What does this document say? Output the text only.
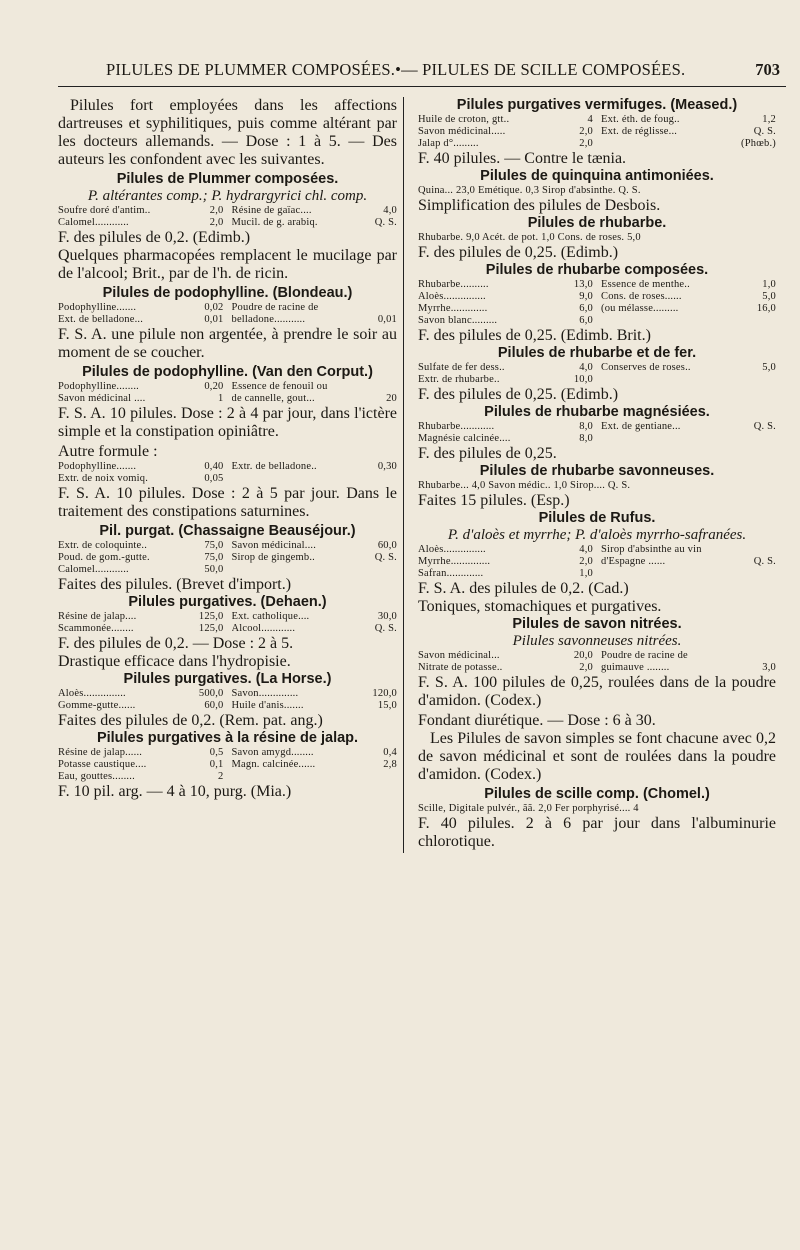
PILULES DE PLUMMER COMPOSÉES.•— PILULES DE SCILLE COMPOSÉES.	703

Pilules fort employées dans les affections dartreuses et syphilitiques, puis comme altérant par les docteurs allemands. — Dose : 1 à 5. — Des auteurs les confondent avec les suivantes.

Pilules de Plummer composées.
P. altérantes comp.; P. hydrargyrici chl. comp.
Soufre doré d'antim..	2,0 Résine de gaïac....	4,0
Calomel............	2,0 Mucil. de g. arabiq.	Q. S.
F. des pilules de 0,2. (Edimb.)

Quelques pharmacopées remplacent le mucilage par de l'alcool; Brit., par de l'h. de ricin.

Pilules de podophylline. (Blondeau.)
Podophylline.......	0,02 Poudre de racine de
Ext. de belladone...	0,01 belladone...........	0,01

F. S. A. une pilule non argentée, à prendre le soir au moment de se coucher.

Pilules de podophylline. (Van den Corput.)
Podophylline........	0,20 Essence de fenouil ou
Savon médicinal ....	1 de cannelle, gout...	20

F. S. A. 10 pilules. Dose : 2 à 4 par jour, dans l'ictère simple et la constipation opiniâtre.

Autre formule :
Podophylline.......	0,40 Extr. de belladone..	0,30
Extr. de noix vomiq.	0,05

F. S. A. 10 pilules. Dose : 2 à 5 par jour. Dans le traitement des constipations saturnines.

Pil. purgat. (Chassaigne Beauséjour.)
Extr. de coloquinte..	75,0 Savon médicinal....	60,0
Poud. de gom.-gutte.	75,0 Sirop de gingemb..	Q. S.
Calomel............	50,0
Faites des pilules. (Brevet d'import.)
Pilules purgatives. (Dehaen.)
Résine de jalap....	125,0 Ext. catholique....	30,0
Scammonée........	125,0 Alcool............	Q. S.
F. des pilules de 0,2. — Dose : 2 à 5.
Drastique efficace dans l'hydropisie.
Pilules purgatives. (La Horse.)
Aloès...............	500,0 Savon..............	120,0
Gomme-gutte......	60,0 Huile d'anis.......	15,0
Faites des pilules de 0,2. (Rem. pat. ang.)
Pilules purgatives à la résine de jalap.
Résine de jalap......	0,5 Savon amygd........	0,4
Potasse caustique....	0,1 Magn. calcinée......	2,8
Eau, gouttes........	2
F. 10 pil. arg. — 4 à 10, purg. (Mia.)
Pilules purgatives vermifuges. (Meased.)
Huile de croton, gtt..	4 Ext. éth. de foug..	1,2
Savon médicinal.....	2,0 Ext. de réglisse...	Q. S.
Jalap d°.........	2,0	(Phœb.)
F. 40 pilules. — Contre le tænia.
Pilules de quinquina antimoniées.
Quina... 23,0 Emétique. 0,3 Sirop d'absinthe. Q. S.
Simplification des pilules de Desbois.
Pilules de rhubarbe.
Rhubarbe. 9,0 Acét. de pot. 1,0 Cons. de roses. 5,0
F. des pilules de 0,25. (Edimb.)
Pilules de rhubarbe composées.
Rhubarbe..........	13,0 Essence de menthe..	1,0
Aloès...............	9,0 Cons. de roses......	5,0
Myrrhe.............	6,0 (ou mélasse.........	16,0
Savon blanc.........	6,0
F. des pilules de 0,25. (Edimb. Brit.)
Pilules de rhubarbe et de fer.
Sulfate de fer dess..	4,0 Conserves de roses..	5,0
Extr. de rhubarbe..	10,0
F. des pilules de 0,25. (Edimb.)
Pilules de rhubarbe magnésiées.
Rhubarbe............	8,0 Ext. de gentiane...	Q. S.
Magnésie calcinée....	8,0
F. des pilules de 0,25.
Pilules de rhubarbe savonneuses.
Rhubarbe... 4,0 Savon médic.. 1,0 Sirop.... Q. S.
Faites 15 pilules. (Esp.)
Pilules de Rufus.
P. d'aloès et myrrhe; P. d'aloès myrrho-safranées.
Aloès...............	4,0 Sirop d'absinthe au vin
Myrrhe..............	2,0 d'Espagne ......	Q. S.
Safran.............	1,0
F. S. A. des pilules de 0,2. (Cad.)
Toniques, stomachiques et purgatives.
Pilules de savon nitrées.
Pilules savonneuses nitrées.
Savon médicinal...	20,0 Poudre de racine de
Nitrate de potasse..	2,0 guimauve ........	3,0

F. S. A. 100 pilules de 0,25, roulées dans de la poudre d'amidon. (Codex.)

Fondant diurétique. — Dose : 6 à 30.

Les Pilules de savon simples se font chacune avec 0,2 de savon médicinal et sont de roulées dans la poudre d'amidon. (Codex.)

Pilules de scille comp. (Chomel.)
Scille, Digitale pulvér., ãã. 2,0 Fer porphyrisé.... 4

F. 40 pilules. 2 à 6 par jour dans l'albuminurie chlorotique.
